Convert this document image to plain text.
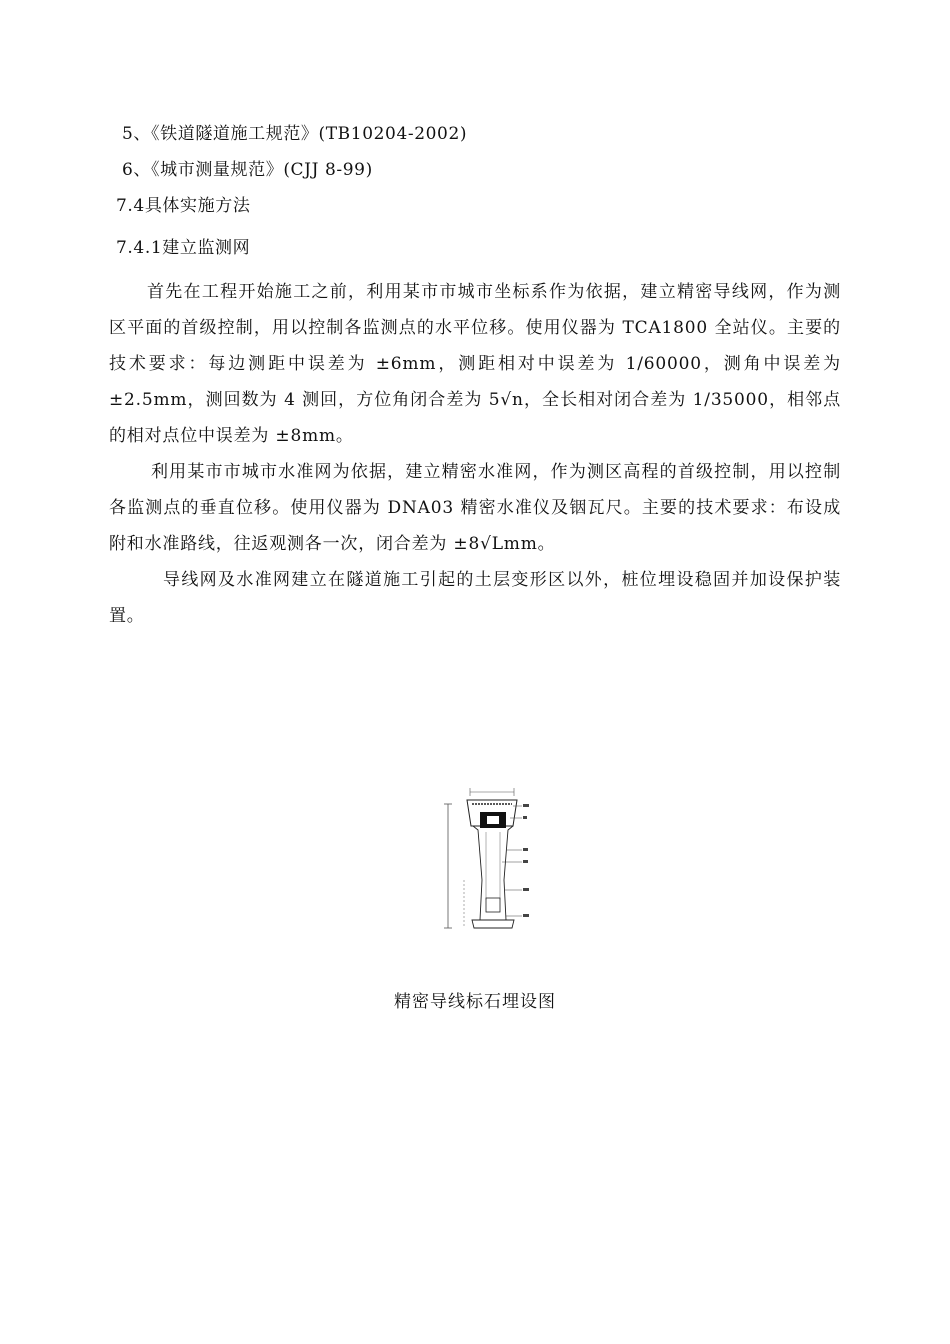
5、《铁道隧道施工规范》(TB10204-2002)
6、《城市测量规范》(CJJ 8-99)
7.4具体实施方法
7.4.1建立监测网

首先在工程开始施工之前，利用某市市城市坐标系作为依据，建立精密导线网，作为测区平面的首级控制，用以控制各监测点的水平位移。使用仪器为 TCA1800 全站仪。主要的技术要求：每边测距中误差为 ±6mm，测距相对中误差为 1/60000，测角中误差为 ±2.5mm，测回数为 4 测回，方位角闭合差为 5√n，全长相对闭合差为 1/35000，相邻点的相对点位中误差为 ±8mm。

利用某市市城市水准网为依据，建立精密水准网，作为测区高程的首级控制，用以控制各监测点的垂直位移。使用仪器为 DNA03 精密水准仪及铟瓦尺。主要的技术要求：布设成附和水准路线，往返观测各一次，闭合差为 ±8√Lmm。

导线网及水准网建立在隧道施工引起的土层变形区以外，桩位埋设稳固并加设保护装置。

精密导线标石埋设图
